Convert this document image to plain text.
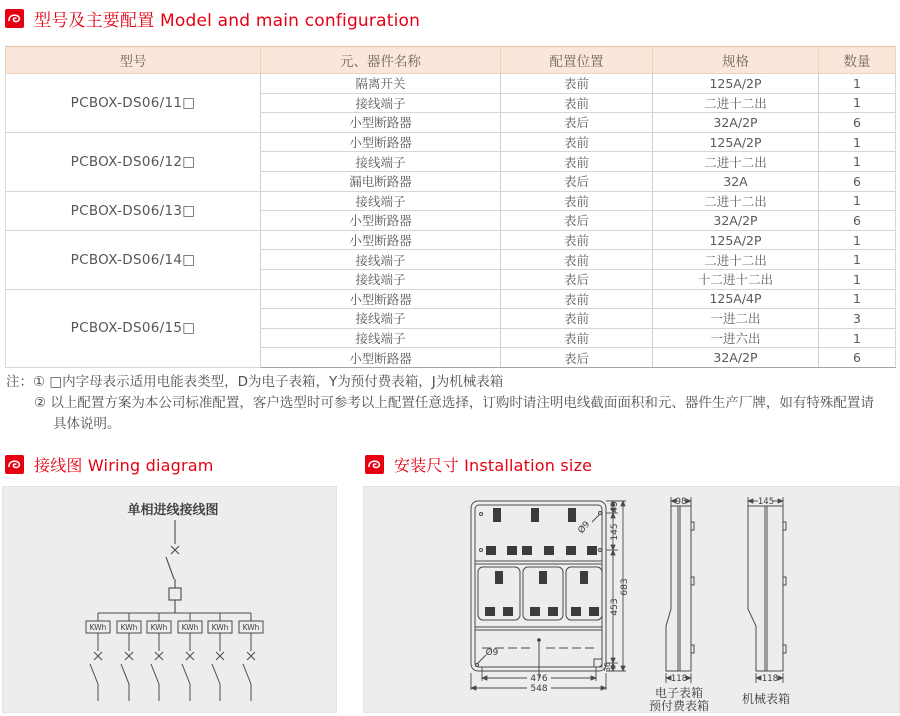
型号及主要配置 Model and main configuration
型号	元、器件名称	配置位置	规格	数量
PCBOX-DS06/11□	隔离开关	表前	125A/2P	1
	接线端子	表前	二进十二出	1
	小型断路器	表后	32A/2P	6
PCBOX-DS06/12□	小型断路器	表前	125A/2P	1
	接线端子	表前	二进十二出	1
	漏电断路器	表后	32A	6
PCBOX-DS06/13□	接线端子	表前	二进十二出	1
	小型断路器	表后	32A/2P	6
PCBOX-DS06/14□	小型断路器	表前	125A/2P	1
	接线端子	表前	二进十二出	1
	接线端子	表后	十二进十二出	1
PCBOX-DS06/15□	小型断路器	表前	125A/4P	1
	接线端子	表前	一进二出	3
	接线端子	表前	一进六出	1
	小型断路器	表后	32A/2P	6
注：① □内字母表示适用电能表类型，D为电子表箱，Y为预付费表箱，J为机械表箱
② 以上配置方案为本公司标准配置，客户选型时可参考以上配置任意选择，订购时请注明电线截面面积和元、器件生产厂牌，如有特殊配置请具体说明。
接线图 Wiring diagram	安装尺寸 Installation size
单相进线接线图
KWh KWh KWh KWh KWh KWh
49
145
453
36
683
476
548
Ø9
Ø9
98
118
电子表箱
预付费表箱
145
118
机械表箱
